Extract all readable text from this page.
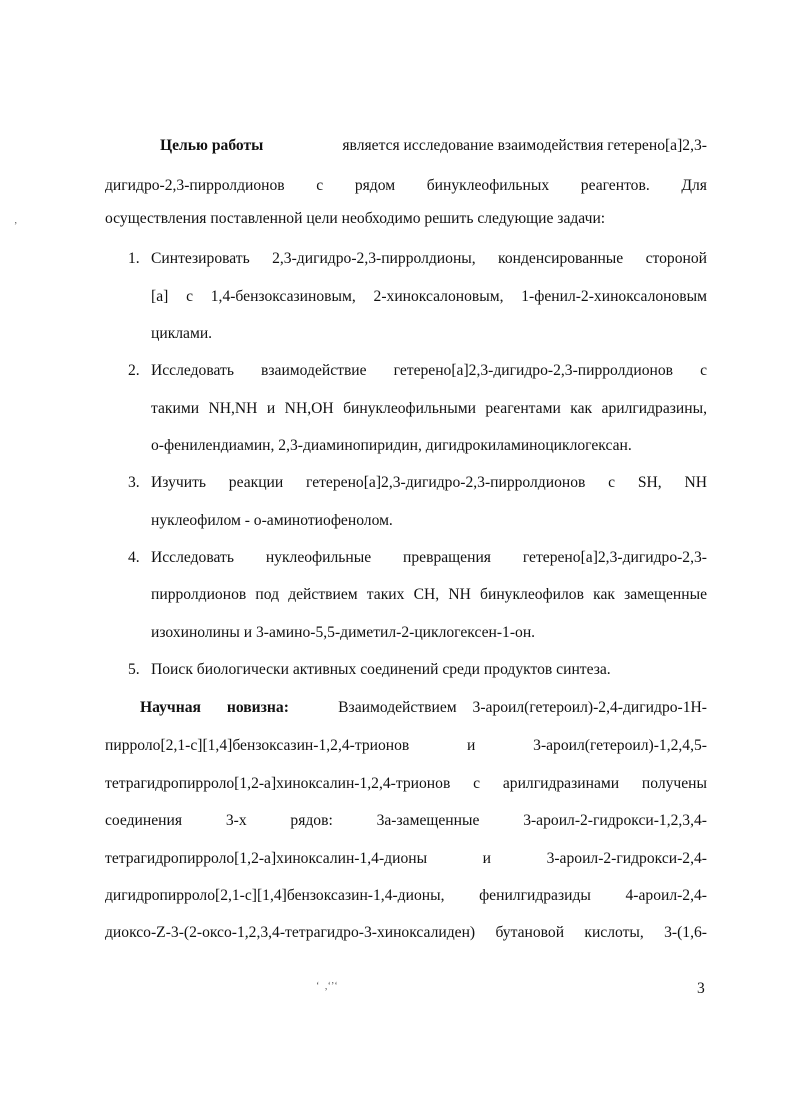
Целью работы	является исследование взаимодействия гетерено[а]2,3-
дигидро-2,3-пирролдионов с рядом бинуклеофильных реагентов. Для
осуществления поставленной цели необходимо решить следующие задачи:
1. Синтезировать 2,3-дигидро-2,3-пирролдионы, конденсированные стороной
[а] с 1,4-бензоксазиновым, 2-хиноксалоновым, 1-фенил-2-хиноксалоновым
циклами.
2. Исследовать взаимодействие гетерено[а]2,3-дигидро-2,3-пирролдионов с
такими NH,NH и NH,OH бинуклеофильными реагентами как арилгидразины,
о-фенилендиамин, 2,3-диаминопиридин, дигидрокиламиноциклогексан.
3. Изучить реакции гетерено[а]2,3-дигидро-2,3-пирролдионов с SH, NH
нуклеофилом - о-аминотиофенолом.
4. Исследовать нуклеофильные превращения гетерено[а]2,3-дигидро-2,3-
пирролдионов под действием таких CH, NH бинуклеофилов как замещенные
изохинолины и 3-амино-5,5-диметил-2-циклогексен-1-он.
5. Поиск биологически активных соединений среди продуктов синтеза.
Научная новизна:	Взаимодействием 3-ароил(гетероил)-2,4-дигидро-1Н-
пирроло[2,1-с][1,4]бензоксазин-1,2,4-трионов	и	3-ароил(гетероил)-1,2,4,5-
тетрагидропирроло[1,2-а]хиноксалин-1,2,4-трионов с арилгидразинами получены
соединения	3-х	рядов:	3а-замещенные	3-ароил-2-гидрокси-1,2,3,4-
тетрагидропирроло[1,2-а]хиноксалин-1,4-дионы	и	3-ароил-2-гидрокси-2,4-
дигидропирроло[2,1-с][1,4]бензоксазин-1,4-дионы, фенилгидразиды 4-ароил-2,4-
диоксо-Z-3-(2-оксо-1,2,3,4-тетрагидро-3-хиноксалиден) бутановой кислоты, 3-(1,6-
3
’
‘  ‚‘’‘
